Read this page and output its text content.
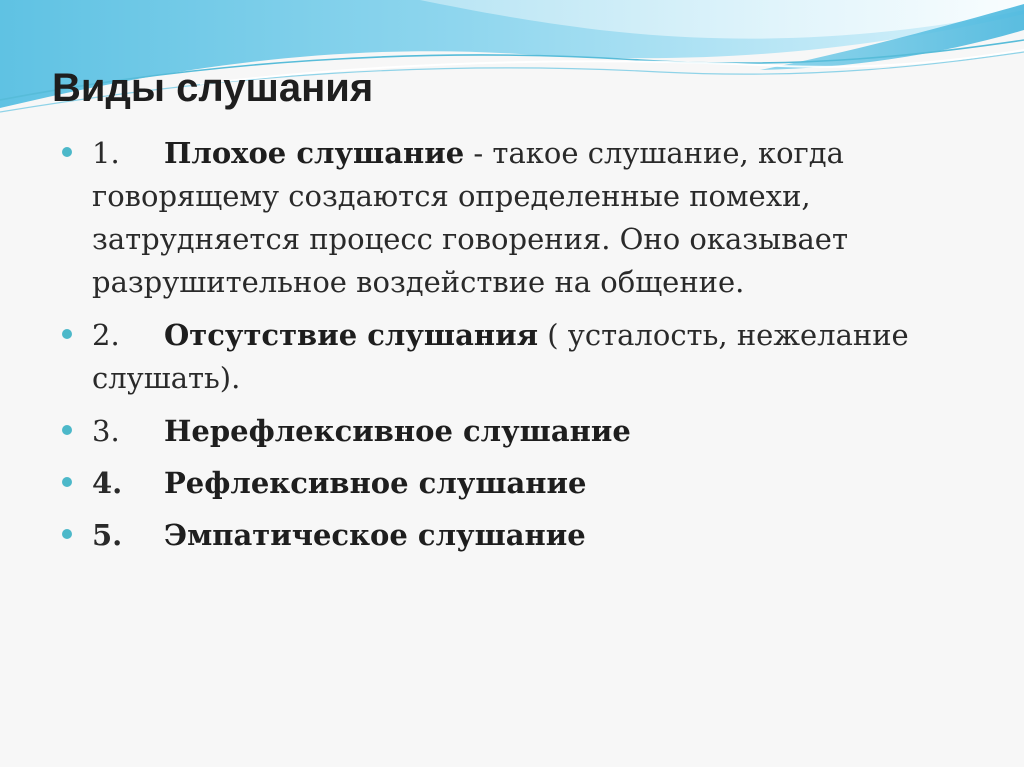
Виды слушания
1. Плохое слушание - такое слушание, когда говорящему создаются определенные помехи, затрудняется процесс говорения. Оно оказывает разрушительное воздействие на общение.
2. Отсутствие слушания ( усталость, нежелание слушать).
3. Нерефлексивное слушание
4. Рефлексивное слушание
5. Эмпатическое слушание
